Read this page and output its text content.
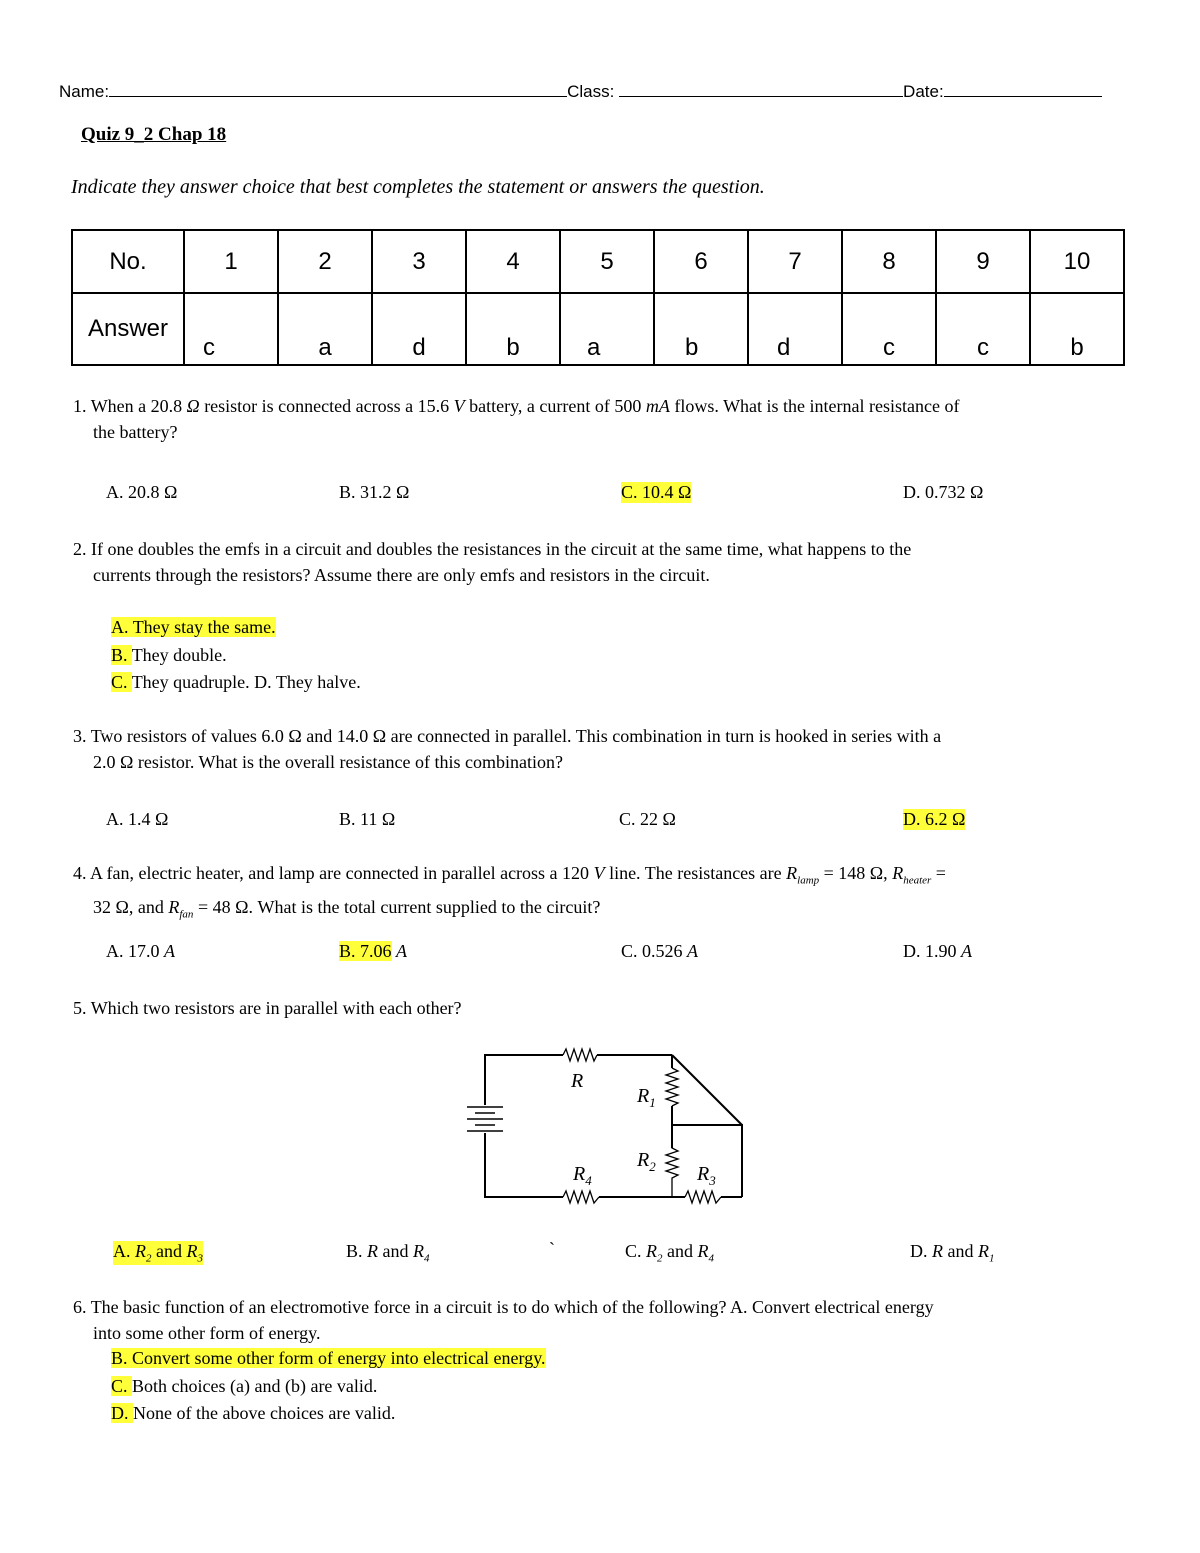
Name:	Class:	Date:
Quiz 9_2 Chap 18
Indicate they answer choice that best completes the statement or answers the question.
No.	1	2	3	4	5	6	7	8	9	10
Answer	c	a	d	b	a	b	d	c	c	b
1. When a 20.8 Ω resistor is connected across a 15.6 V battery, a current of 500 mA flows. What is the internal resistance of
the battery?
A. 20.8 Ω	B. 31.2 Ω	C. 10.4 Ω	D. 0.732 Ω
2. If one doubles the emfs in a circuit and doubles the resistances in the circuit at the same time, what happens to the
currents through the resistors? Assume there are only emfs and resistors in the circuit.
A. They stay the same.
B. They double.
C. They quadruple. D. They halve.
3. Two resistors of values 6.0 Ω and 14.0 Ω are connected in parallel. This combination in turn is hooked in series with a
2.0 Ω resistor. What is the overall resistance of this combination?
A. 1.4 Ω	B. 11 Ω	C. 22 Ω	D. 6.2 Ω
4. A fan, electric heater, and lamp are connected in parallel across a 120 V line. The resistances are $R_{lamp} = 148$ Ω, $R_{heater}$ =
32 Ω, and $R_{fan} = 48$ Ω. What is the total current supplied to the circuit?
A. 17.0 A	B. 7.06 A	C. 0.526 A	D. 1.90 A
5. Which two resistors are in parallel with each other?
R
$R_1$
$R_2$ $R_3$
$R_4$
A. $R_2$ and $R_3$	B. R and $R_4$	`	C. $R_2$ and $R_4$	D. R and $R_1$
6. The basic function of an electromotive force in a circuit is to do which of the following? A. Convert electrical energy
into some other form of energy.
B. Convert some other form of energy into electrical energy.
C. Both choices (a) and (b) are valid.
D. None of the above choices are valid.
